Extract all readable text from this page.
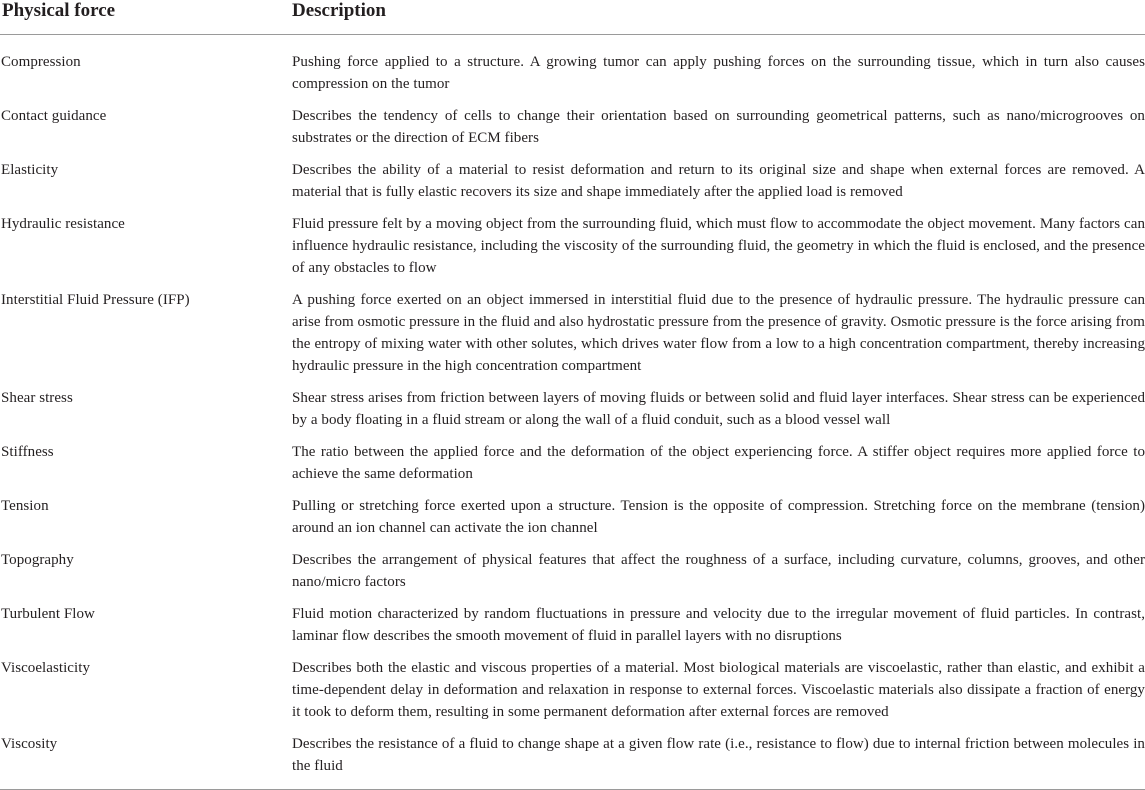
Physical force	Description
Compression	Pushing force applied to a structure. A growing tumor can apply pushing forces on the surrounding tissue, which in turn also causes compression on the tumor
Contact guidance	Describes the tendency of cells to change their orientation based on surrounding geometrical patterns, such as nano/microgrooves on substrates or the direction of ECM fibers
Elasticity	Describes the ability of a material to resist deformation and return to its original size and shape when external forces are removed. A material that is fully elastic recovers its size and shape immediately after the applied load is removed
Hydraulic resistance	Fluid pressure felt by a moving object from the surrounding fluid, which must flow to accommodate the object movement. Many factors can influence hydraulic resistance, including the viscosity of the surrounding fluid, the geometry in which the fluid is enclosed, and the presence of any obstacles to flow
Interstitial Fluid Pressure (IFP)	A pushing force exerted on an object immersed in interstitial fluid due to the presence of hydraulic pressure. The hydraulic pressure can arise from osmotic pressure in the fluid and also hydrostatic pressure from the presence of gravity. Osmotic pressure is the force arising from the entropy of mixing water with other solutes, which drives water flow from a low to a high concentration compartment, thereby increasing hydraulic pressure in the high concentration compartment
Shear stress	Shear stress arises from friction between layers of moving fluids or between solid and fluid layer interfaces. Shear stress can be experienced by a body floating in a fluid stream or along the wall of a fluid conduit, such as a blood vessel wall
Stiffness	The ratio between the applied force and the deformation of the object experiencing force. A stiffer object requires more applied force to achieve the same deformation
Tension	Pulling or stretching force exerted upon a structure. Tension is the opposite of compression. Stretching force on the membrane (tension) around an ion channel can activate the ion channel
Topography	Describes the arrangement of physical features that affect the roughness of a surface, including curvature, columns, grooves, and other nano/micro factors
Turbulent Flow	Fluid motion characterized by random fluctuations in pressure and velocity due to the irregular movement of fluid particles. In contrast, laminar flow describes the smooth movement of fluid in parallel layers with no disruptions
Viscoelasticity	Describes both the elastic and viscous properties of a material. Most biological materials are viscoelastic, rather than elastic, and exhibit a time-dependent delay in deformation and relaxation in response to external forces. Viscoelastic materials also dissipate a fraction of energy it took to deform them, resulting in some permanent deformation after external forces are removed
Viscosity	Describes the resistance of a fluid to change shape at a given flow rate (i.e., resistance to flow) due to internal friction between molecules in the fluid
